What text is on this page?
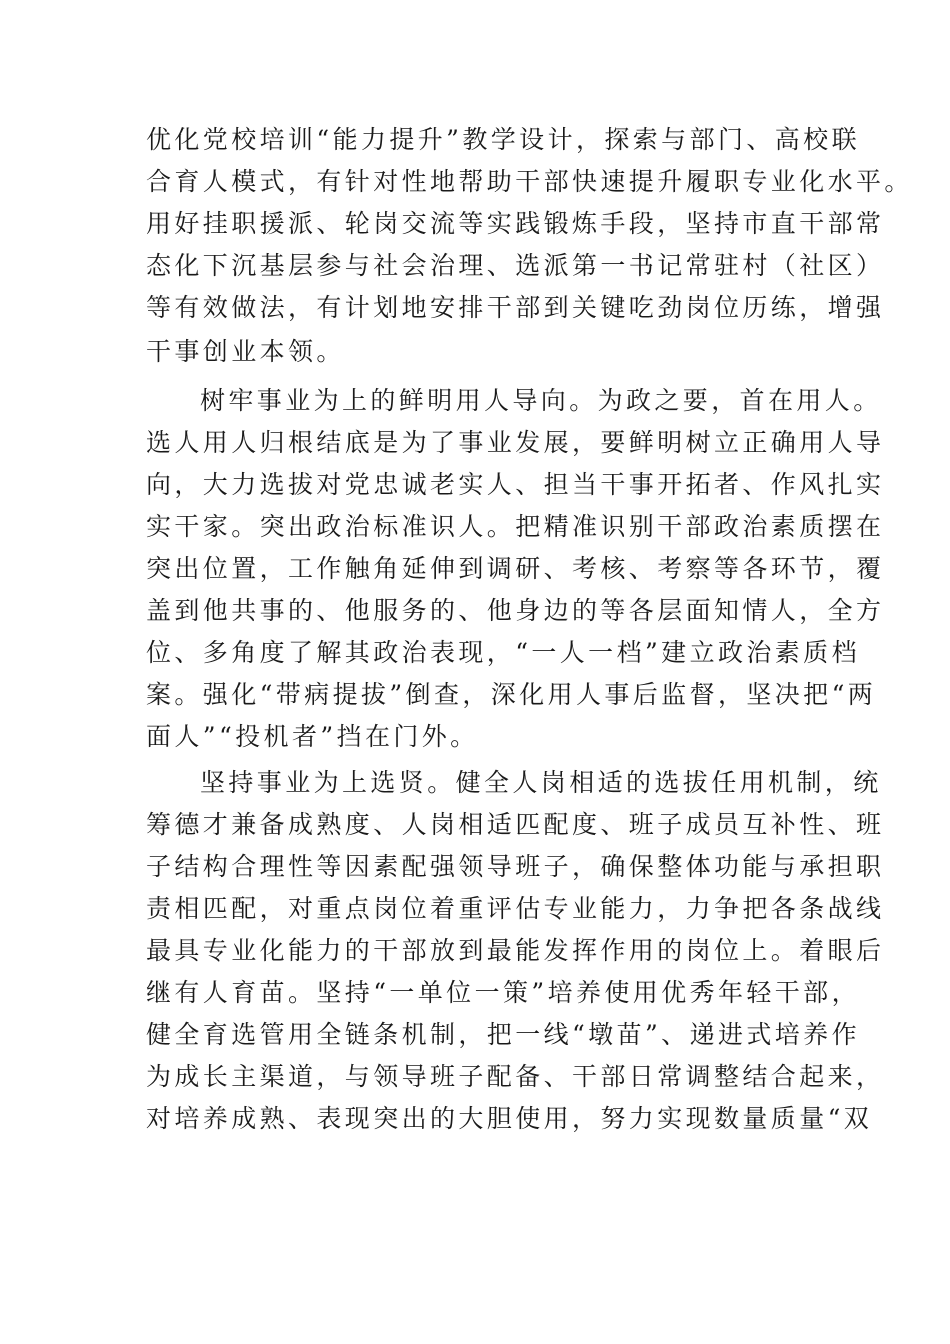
优化党校培训“能力提升”教学设计，探索与部门、高校联
合育人模式，有针对性地帮助干部快速提升履职专业化水平。
用好挂职援派、轮岗交流等实践锻炼手段，坚持市直干部常
态化下沉基层参与社会治理、选派第一书记常驻村（社区）
等有效做法，有计划地安排干部到关键吃劲岗位历练，增强
干事创业本领。
树牢事业为上的鲜明用人导向。为政之要，首在用人。
选人用人归根结底是为了事业发展，要鲜明树立正确用人导
向，大力选拔对党忠诚老实人、担当干事开拓者、作风扎实
实干家。突出政治标准识人。把精准识别干部政治素质摆在
突出位置，工作触角延伸到调研、考核、考察等各环节，覆
盖到他共事的、他服务的、他身边的等各层面知情人，全方
位、多角度了解其政治表现，“一人一档”建立政治素质档
案。强化“带病提拔”倒查，深化用人事后监督，坚决把“两
面人”“投机者”挡在门外。
坚持事业为上选贤。健全人岗相适的选拔任用机制，统
筹德才兼备成熟度、人岗相适匹配度、班子成员互补性、班
子结构合理性等因素配强领导班子，确保整体功能与承担职
责相匹配，对重点岗位着重评估专业能力，力争把各条战线
最具专业化能力的干部放到最能发挥作用的岗位上。着眼后
继有人育苗。坚持“一单位一策”培养使用优秀年轻干部，
健全育选管用全链条机制，把一线“墩苗”、递进式培养作
为成长主渠道，与领导班子配备、干部日常调整结合起来，
对培养成熟、表现突出的大胆使用，努力实现数量质量“双
